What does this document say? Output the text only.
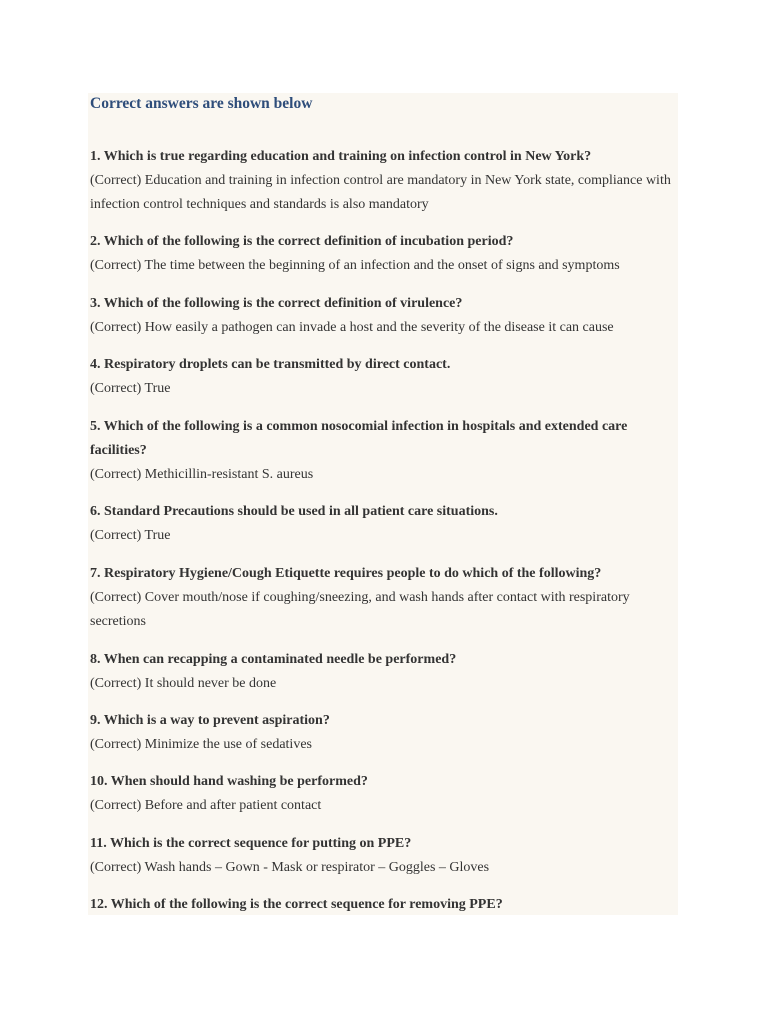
Correct answers are shown below

1. Which is true regarding education and training on infection control in New York?

(Correct) Education and training in infection control are mandatory in New York state, compliance with infection control techniques and standards is also mandatory

2. Which of the following is the correct definition of incubation period?

(Correct) The time between the beginning of an infection and the onset of signs and symptoms

3. Which of the following is the correct definition of virulence?

(Correct) How easily a pathogen can invade a host and the severity of the disease it can cause

4. Respiratory droplets can be transmitted by direct contact.

(Correct) True

5. Which of the following is a common nosocomial infection in hospitals and extended care facilities?

(Correct) Methicillin-resistant S. aureus

6. Standard Precautions should be used in all patient care situations.

(Correct) True

7. Respiratory Hygiene/Cough Etiquette requires people to do which of the following?

(Correct) Cover mouth/nose if coughing/sneezing, and wash hands after contact with respiratory secretions

8. When can recapping a contaminated needle be performed?

(Correct) It should never be done

9. Which is a way to prevent aspiration?

(Correct) Minimize the use of sedatives

10. When should hand washing be performed?

(Correct) Before and after patient contact

11. Which is the correct sequence for putting on PPE?

(Correct) Wash hands – Gown - Mask or respirator – Goggles – Gloves

12. Which of the following is the correct sequence for removing PPE?
